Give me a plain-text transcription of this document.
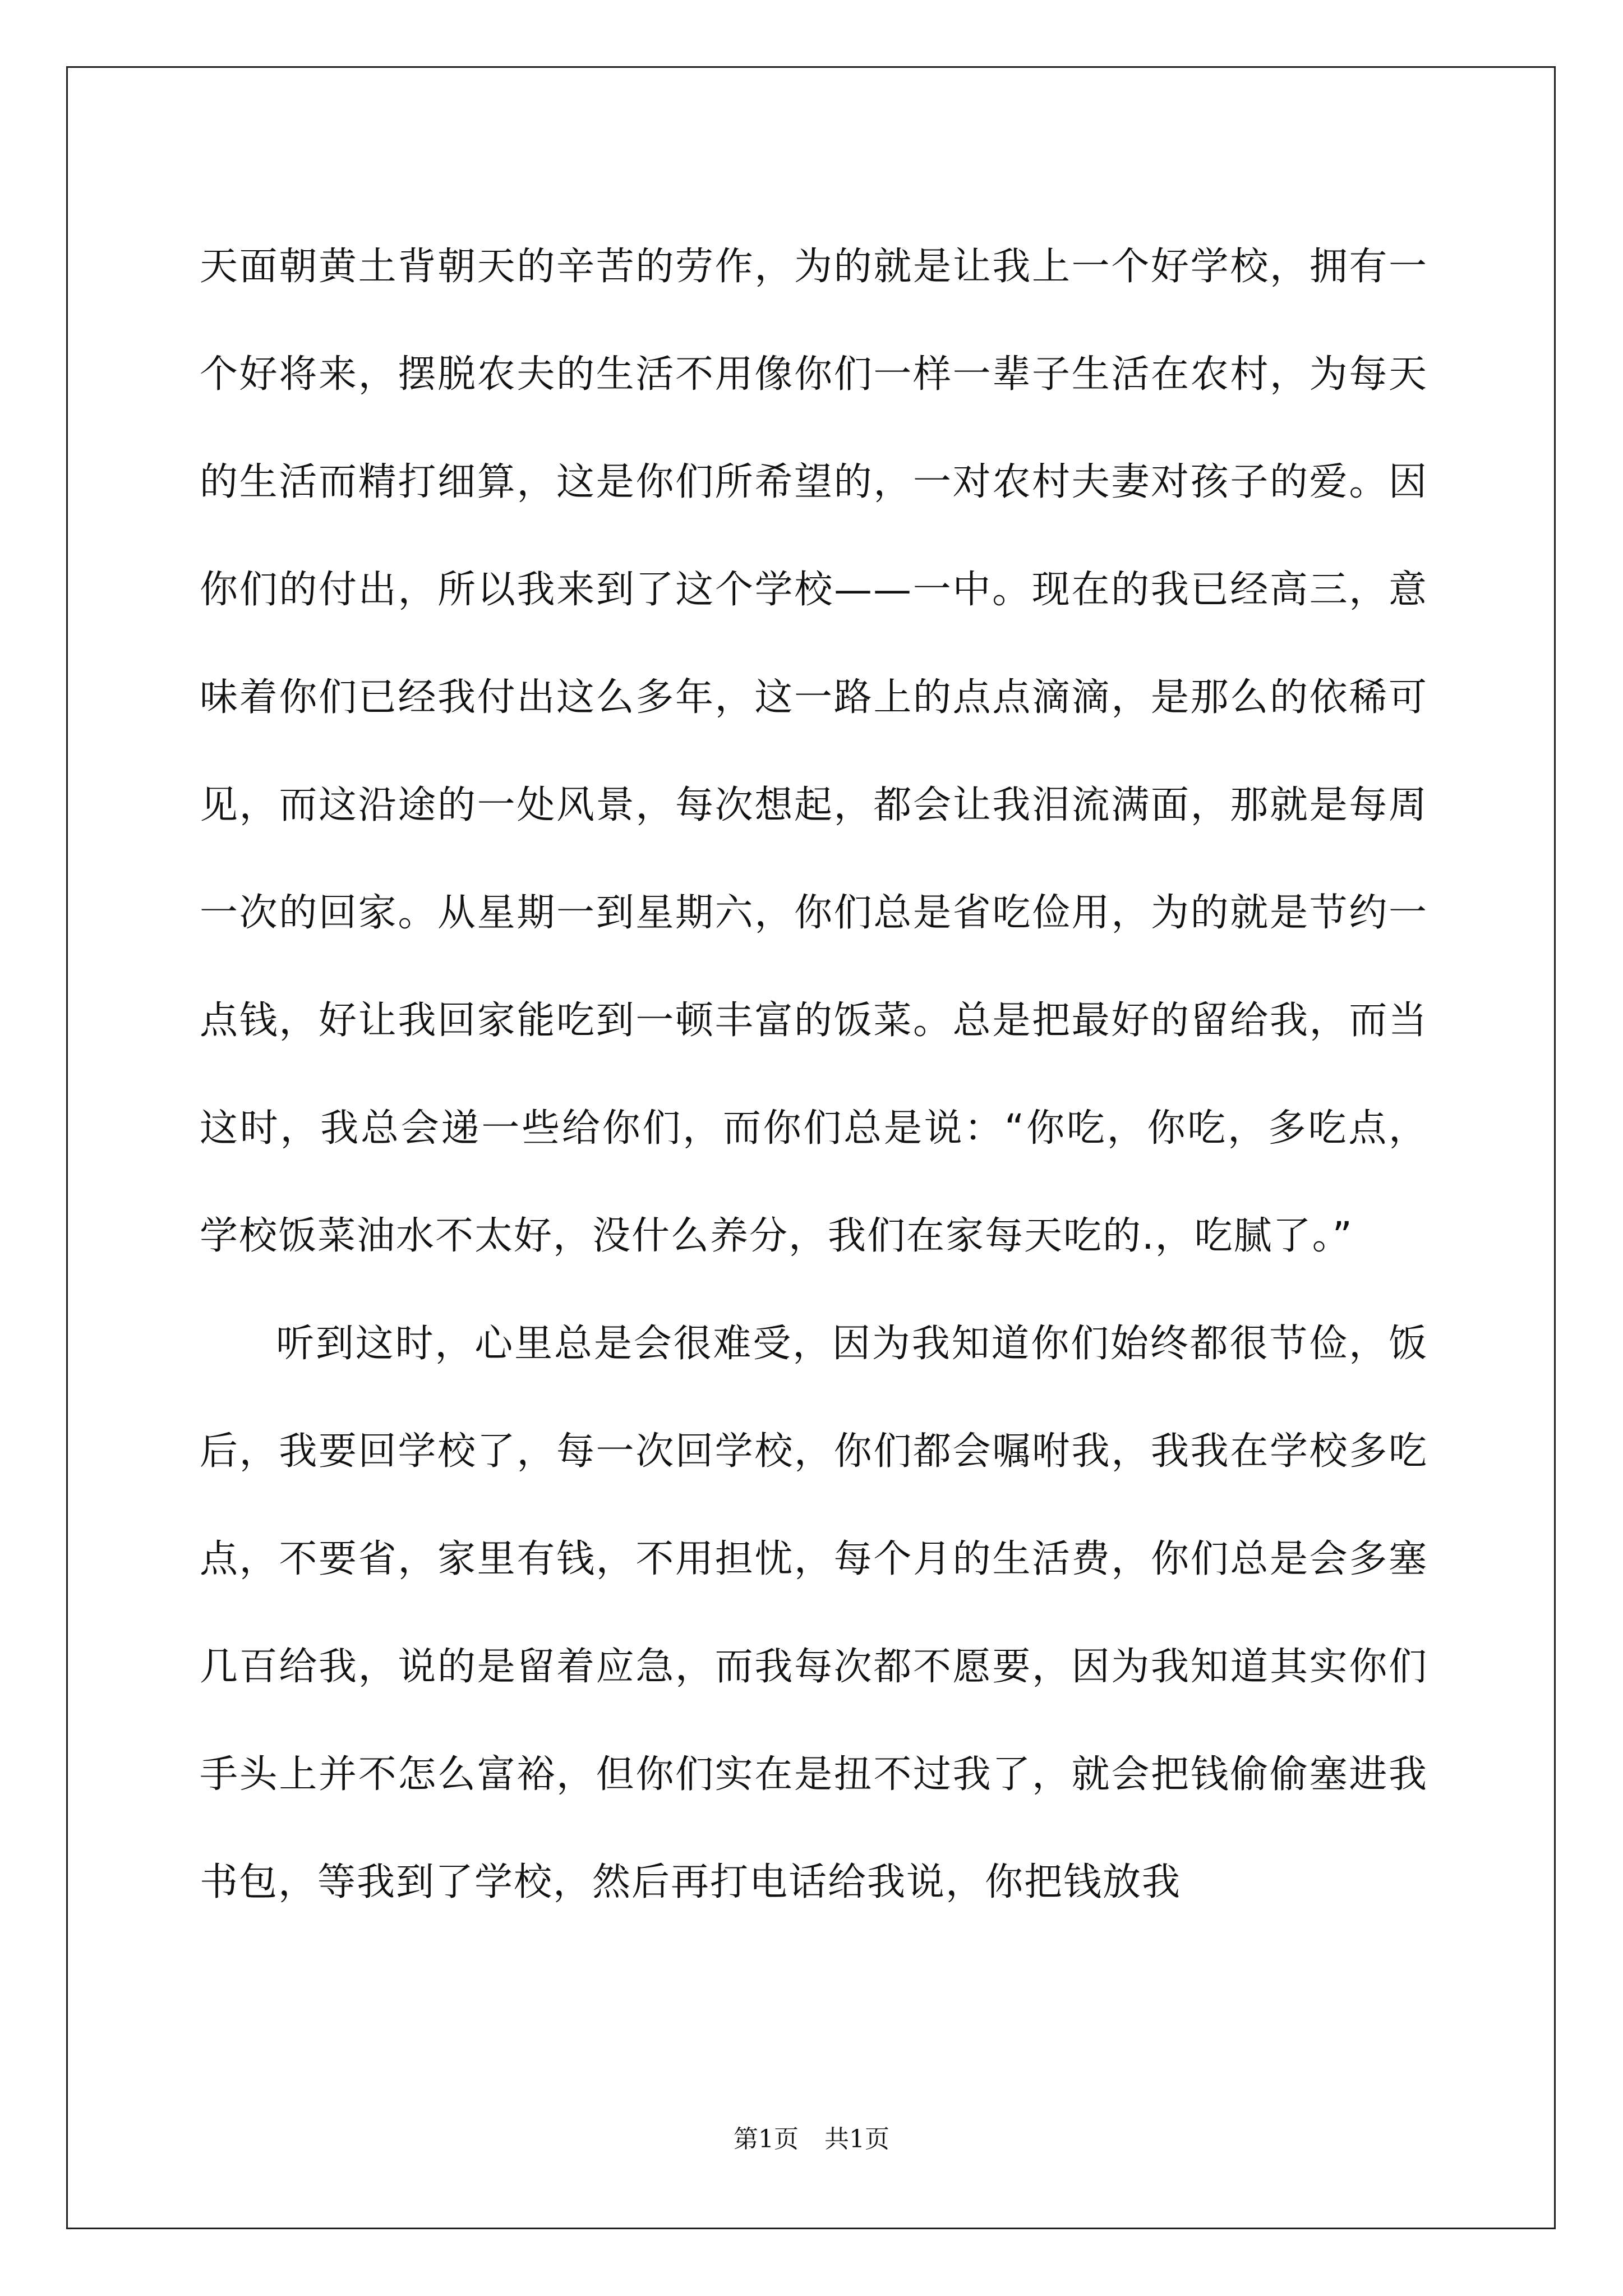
天面朝黄土背朝天的辛苦的劳作，为的就是让我上一个好学校，拥有一个好将来，摆脱农夫的生活不用像你们一样一辈子生活在农村，为每天的生活而精打细算，这是你们所希望的，一对农村夫妻对孩子的爱。因你们的付出，所以我来到了这个学校——一中。现在的我已经高三，意味着你们已经我付出这么多年，这一路上的点点滴滴，是那么的依稀可见，而这沿途的一处风景，每次想起，都会让我泪流满面，那就是每周一次的回家。从星期一到星期六，你们总是省吃俭用，为的就是节约一点钱，好让我回家能吃到一顿丰富的饭菜。总是把最好的留给我，而当这时，我总会递一些给你们，而你们总是说：“你吃，你吃，多吃点，学校饭菜油水不太好，没什么养分，我们在家每天吃的.，吃腻了。”

听到这时，心里总是会很难受，因为我知道你们始终都很节俭，饭后，我要回学校了，每一次回学校，你们都会嘱咐我，我我在学校多吃点，不要省，家里有钱，不用担忧，每个月的生活费，你们总是会多塞几百给我，说的是留着应急，而我每次都不愿要，因为我知道其实你们手头上并不怎么富裕，但你们实在是扭不过我了，就会把钱偷偷塞进我书包，等我到了学校，然后再打电话给我说，你把钱放我

第1页 共1页
